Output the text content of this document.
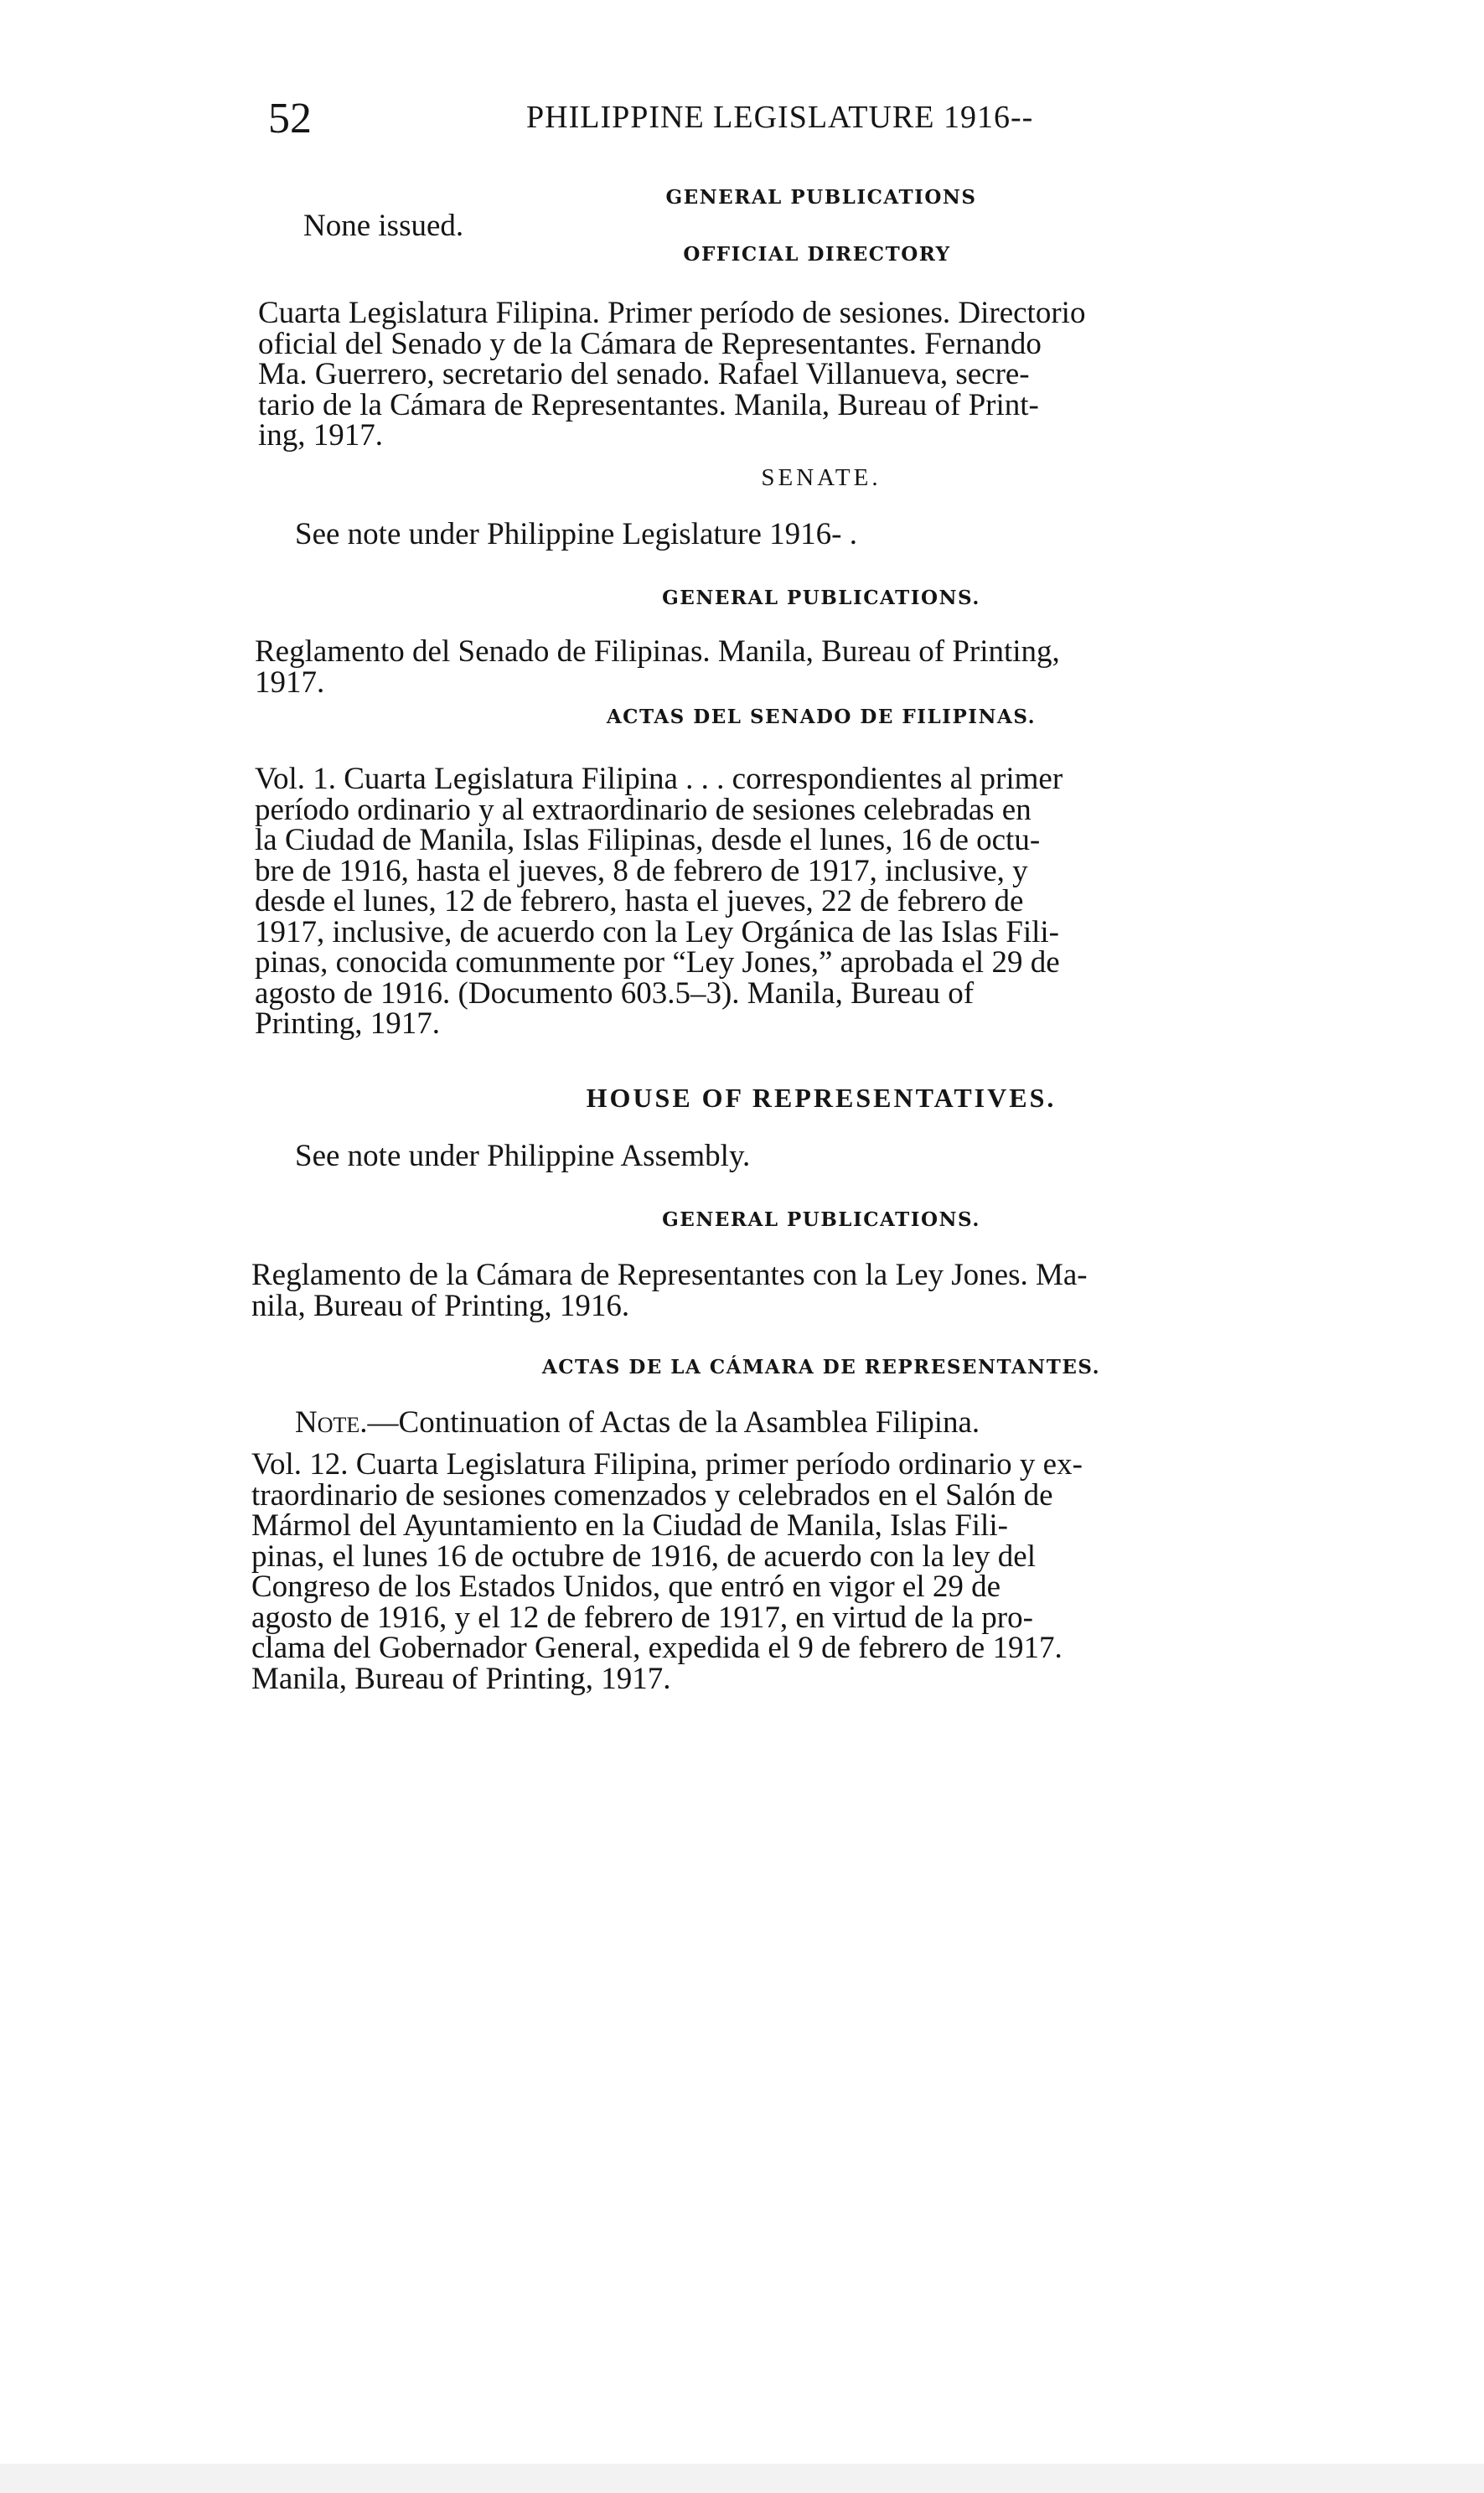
52	PHILIPPINE LEGISLATURE 1916--
None issued.
GENERAL PUBLICATIONS
OFFICIAL DIRECTORY
Cuarta Legislatura Filipina. Primer período de sesiones. Directorio
oficial del Senado y de la Cámara de Representantes. Fernando
Ma. Guerrero, secretario del senado. Rafael Villanueva, secre-
tario de la Cámara de Representantes. Manila, Bureau of Print-
ing, 1917.
SENATE.
See note under Philippine Legislature 1916- .
GENERAL PUBLICATIONS.
Reglamento del Senado de Filipinas. Manila, Bureau of Printing,
1917.
ACTAS DEL SENADO DE FILIPINAS.
Vol. 1. Cuarta Legislatura Filipina . . . correspondientes al primer
período ordinario y al extraordinario de sesiones celebradas en
la Ciudad de Manila, Islas Filipinas, desde el lunes, 16 de octu-
bre de 1916, hasta el jueves, 8 de febrero de 1917, inclusive, y
desde el lunes, 12 de febrero, hasta el jueves, 22 de febrero de
1917, inclusive, de acuerdo con la Ley Orgánica de las Islas Fili-
pinas, conocida comunmente por “Ley Jones,” aprobada el 29 de
agosto de 1916. (Documento 603.5–3). Manila, Bureau of
Printing, 1917.
HOUSE OF REPRESENTATIVES.
See note under Philippine Assembly.
GENERAL PUBLICATIONS.
Reglamento de la Cámara de Representantes con la Ley Jones. Ma-
nila, Bureau of Printing, 1916.
ACTAS DE LA CÁMARA DE REPRESENTANTES.
Note.—Continuation of Actas de la Asamblea Filipina.
Vol. 12. Cuarta Legislatura Filipina, primer período ordinario y ex-
traordinario de sesiones comenzados y celebrados en el Salón de
Mármol del Ayuntamiento en la Ciudad de Manila, Islas Fili-
pinas, el lunes 16 de octubre de 1916, de acuerdo con la ley del
Congreso de los Estados Unidos, que entró en vigor el 29 de
agosto de 1916, y el 12 de febrero de 1917, en virtud de la pro-
clama del Gobernador General, expedida el 9 de febrero de 1917.
Manila, Bureau of Printing, 1917.
